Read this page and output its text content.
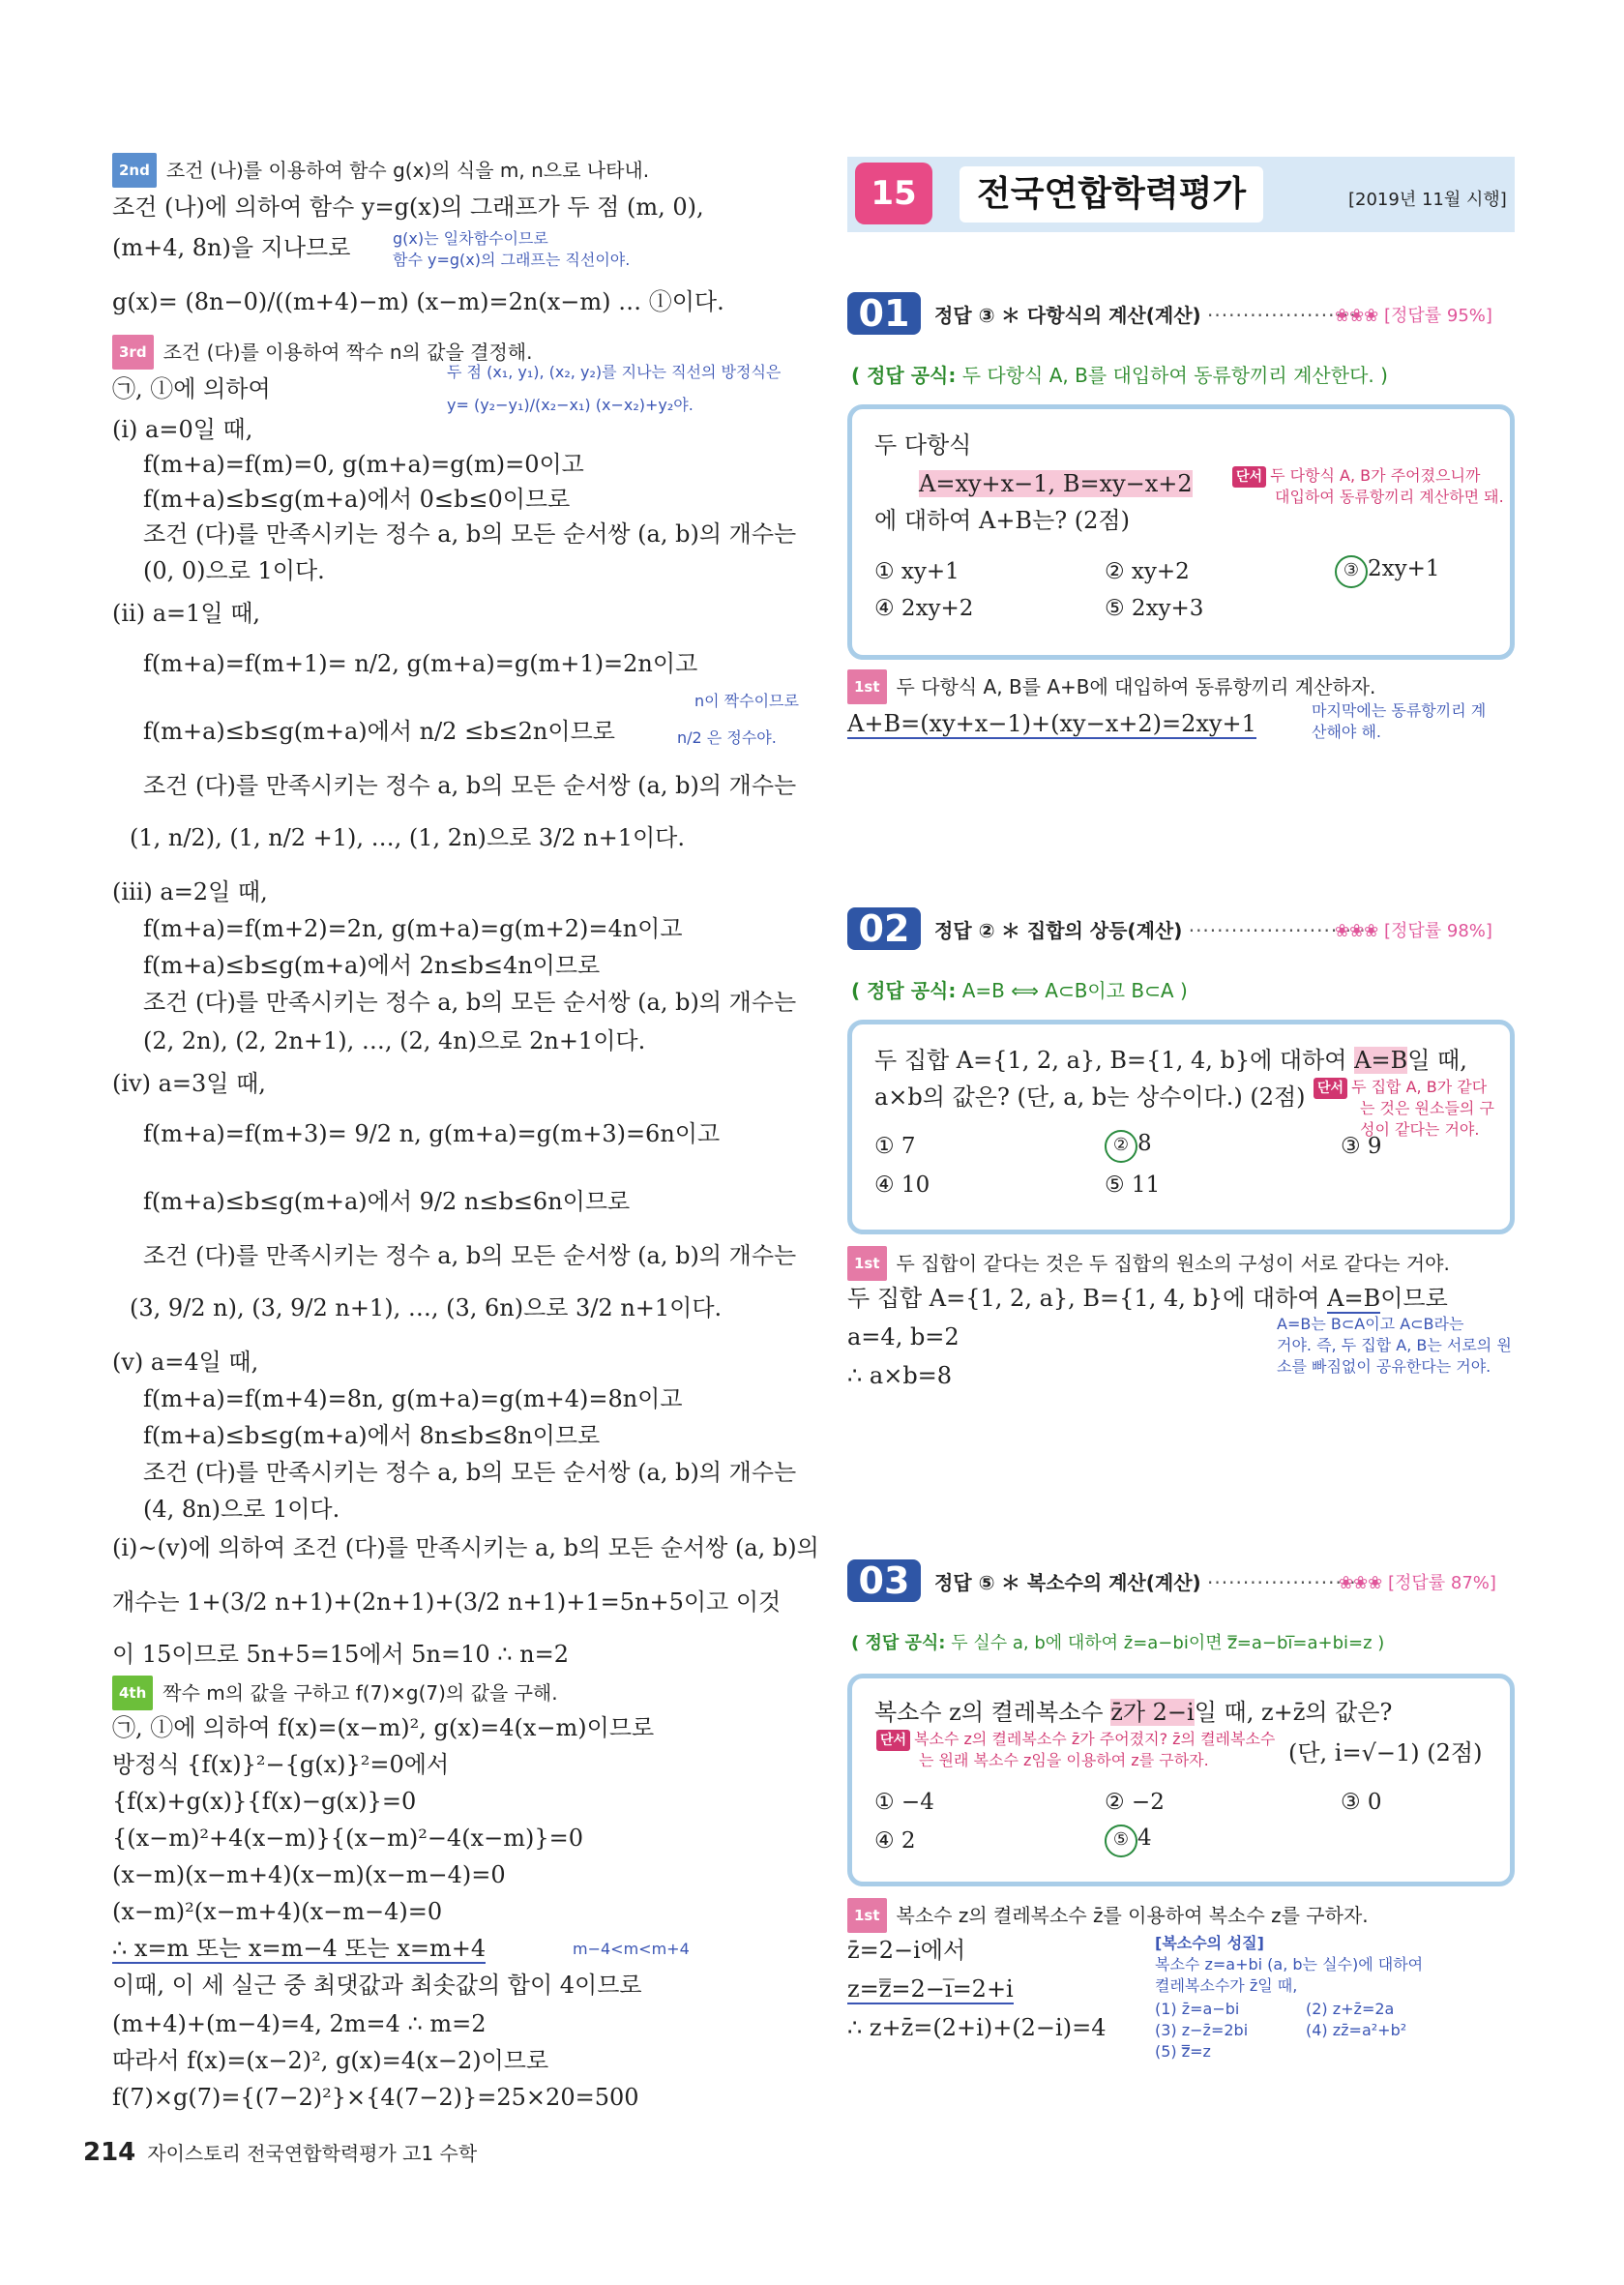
2nd 조건 (나)를 이용하여 함수 g(x)의 식을 m, n으로 나타내.
조건 (나)에 의하여 함수 y=g(x)의 그래프가 두 점 (m, 0),
(m+4, 8n)을 지나므로	g(x)는 일차함수이므로
함수 y=g(x)의 그래프는 직선이야.
g(x)= (8n−0)/((m+4)−m) (x−m)=2n(x−m) … ⓛ이다.
3rd 조건 (다)를 이용하여 짝수 n의 값을 결정해.
두 점 (x₁, y₁), (x₂, y₂)를 지나는 직선의 방정식은
y= (y₂−y₁)/(x₂−x₁) (x−x₂)+y₂야.
㉠, ⓛ에 의하여
(ⅰ) a=0일 때,
f(m+a)=f(m)=0, g(m+a)=g(m)=0이고
f(m+a)≤b≤g(m+a)에서 0≤b≤0이므로
조건 (다)를 만족시키는 정수 a, b의 모든 순서쌍 (a, b)의 개수는
(0, 0)으로 1이다.
(ⅱ) a=1일 때,
f(m+a)=f(m+1)= n/2, g(m+a)=g(m+1)=2n이고
f(m+a)≤b≤g(m+a)에서 n/2 ≤b≤2n이므로
n이 짝수이므로
n/2 은 정수야.
조건 (다)를 만족시키는 정수 a, b의 모든 순서쌍 (a, b)의 개수는
(1, n/2), (1, n/2 +1), …, (1, 2n)으로 3/2 n+1이다.
(ⅲ) a=2일 때,
f(m+a)=f(m+2)=2n, g(m+a)=g(m+2)=4n이고
f(m+a)≤b≤g(m+a)에서 2n≤b≤4n이므로
조건 (다)를 만족시키는 정수 a, b의 모든 순서쌍 (a, b)의 개수는
(2, 2n), (2, 2n+1), …, (2, 4n)으로 2n+1이다.
(ⅳ) a=3일 때,
f(m+a)=f(m+3)= 9/2 n, g(m+a)=g(m+3)=6n이고
f(m+a)≤b≤g(m+a)에서 9/2 n≤b≤6n이므로
조건 (다)를 만족시키는 정수 a, b의 모든 순서쌍 (a, b)의 개수는
(3, 9/2 n), (3, 9/2 n+1), …, (3, 6n)으로 3/2 n+1이다.
(ⅴ) a=4일 때,
f(m+a)=f(m+4)=8n, g(m+a)=g(m+4)=8n이고
f(m+a)≤b≤g(m+a)에서 8n≤b≤8n이므로
조건 (다)를 만족시키는 정수 a, b의 모든 순서쌍 (a, b)의 개수는
(4, 8n)으로 1이다.
(ⅰ)~(ⅴ)에 의하여 조건 (다)를 만족시키는 a, b의 모든 순서쌍 (a, b)의
개수는 1+(3/2 n+1)+(2n+1)+(3/2 n+1)+1=5n+5이고 이것
이 15이므로 5n+5=15에서 5n=10 ∴ n=2
4th 짝수 m의 값을 구하고 f(7)×g(7)의 값을 구해.
㉠, ⓛ에 의하여 f(x)=(x−m)², g(x)=4(x−m)이므로
방정식 {f(x)}²−{g(x)}²=0에서
{f(x)+g(x)}{f(x)−g(x)}=0
{(x−m)²+4(x−m)}{(x−m)²−4(x−m)}=0
(x−m)(x−m+4)(x−m)(x−m−4)=0
(x−m)²(x−m+4)(x−m−4)=0
∴ x=m 또는 x=m−4 또는 x=m+4	m−4<m<m+4
이때, 이 세 실근 중 최댓값과 최솟값의 합이 4이므로
(m+4)+(m−4)=4, 2m=4 ∴ m=2
따라서 f(x)=(x−2)², g(x)=4(x−2)이므로
f(7)×g(7)={(7−2)²}×{4(7−2)}=25×20=500
15회
전국연합학력평가	[2019년 11월 시행]
01	정답 ③ ＊ 다항식의 계산(계산) ·····················
❀❀❀ [정답률 95%]
( 정답 공식: 두 다항식 A, B를 대입하여 동류항끼리 계산한다. )
두 다항식
A=xy+x−1, B=xy−x+2	단서 두 다항식 A, B가 주어졌으니까
대입하여 동류항끼리 계산하면 돼.
에 대하여 A+B는? (2점)
① xy+1	② xy+2	③ 2xy+1
④ 2xy+2	⑤ 2xy+3
1st 두 다항식 A, B를 A+B에 대입하여 동류항끼리 계산하자.
A+B=(xy+x−1)+(xy−x+2)=2xy+1	마지막에는 동류항끼리 계
산해야 해.
02	정답 ② ＊ 집합의 상등(계산) ·························
❀❀❀ [정답률 98%]
( 정답 공식: A=B ⟺ A⊂B이고 B⊂A )
두 집합 A={1, 2, a}, B={1, 4, b}에 대하여 A=B일 때,
a×b의 값은? (단, a, b는 상수이다.) (2점) 단서 두 집합 A, B가 같다
는 것은 원소들의 구
성이 같다는 거야.
① 7	② 8	③ 9
④ 10	⑤ 11
1st 두 집합이 같다는 것은 두 집합의 원소의 구성이 서로 같다는 거야.
두 집합 A={1, 2, a}, B={1, 4, b}에 대하여 A=B이므로
a=4, b=2
∴ a×b=8
A=B는 B⊂A이고 A⊂B라는
거야. 즉, 두 집합 A, B는 서로의 원
소를 빠짐없이 공유한다는 거야.
03	정답 ⑤ ＊ 복소수의 계산(계산) ·····················
❀❀❀ [정답률 87%]
( 정답 공식: 두 실수 a, b에 대하여 z̄=a−bi이면 z̿=a−bi̅=a+bi=z )
복소수 z의 켤레복소수 z̄가 2−i일 때, z+z̄의 값은?
단서 복소수 z의 켤레복소수 z̄가 주어졌지? z̄의 켤레복소수
는 원래 복소수 z임을 이용하여 z를 구하자.	(단, i=√−1) (2점)
① −4	② −2	③ 0
④ 2	⑤ 4
1st 복소수 z의 켤레복소수 z̄를 이용하여 복소수 z를 구하자.
z̄=2−i에서
z=z̿=2−i̅=2+i
∴ z+z̄=(2+i)+(2−i)=4
[복소수의 성질]
복소수 z=a+bi (a, b는 실수)에 대하여
켤레복소수가 z̄일 때,
(1) z̄=a−bi	(2) z+z̄=2a
(3) z−z̄=2bi	(4) zz̄=a²+b²
(5) z̿=z
214 자이스토리 전국연합학력평가 고1 수학
